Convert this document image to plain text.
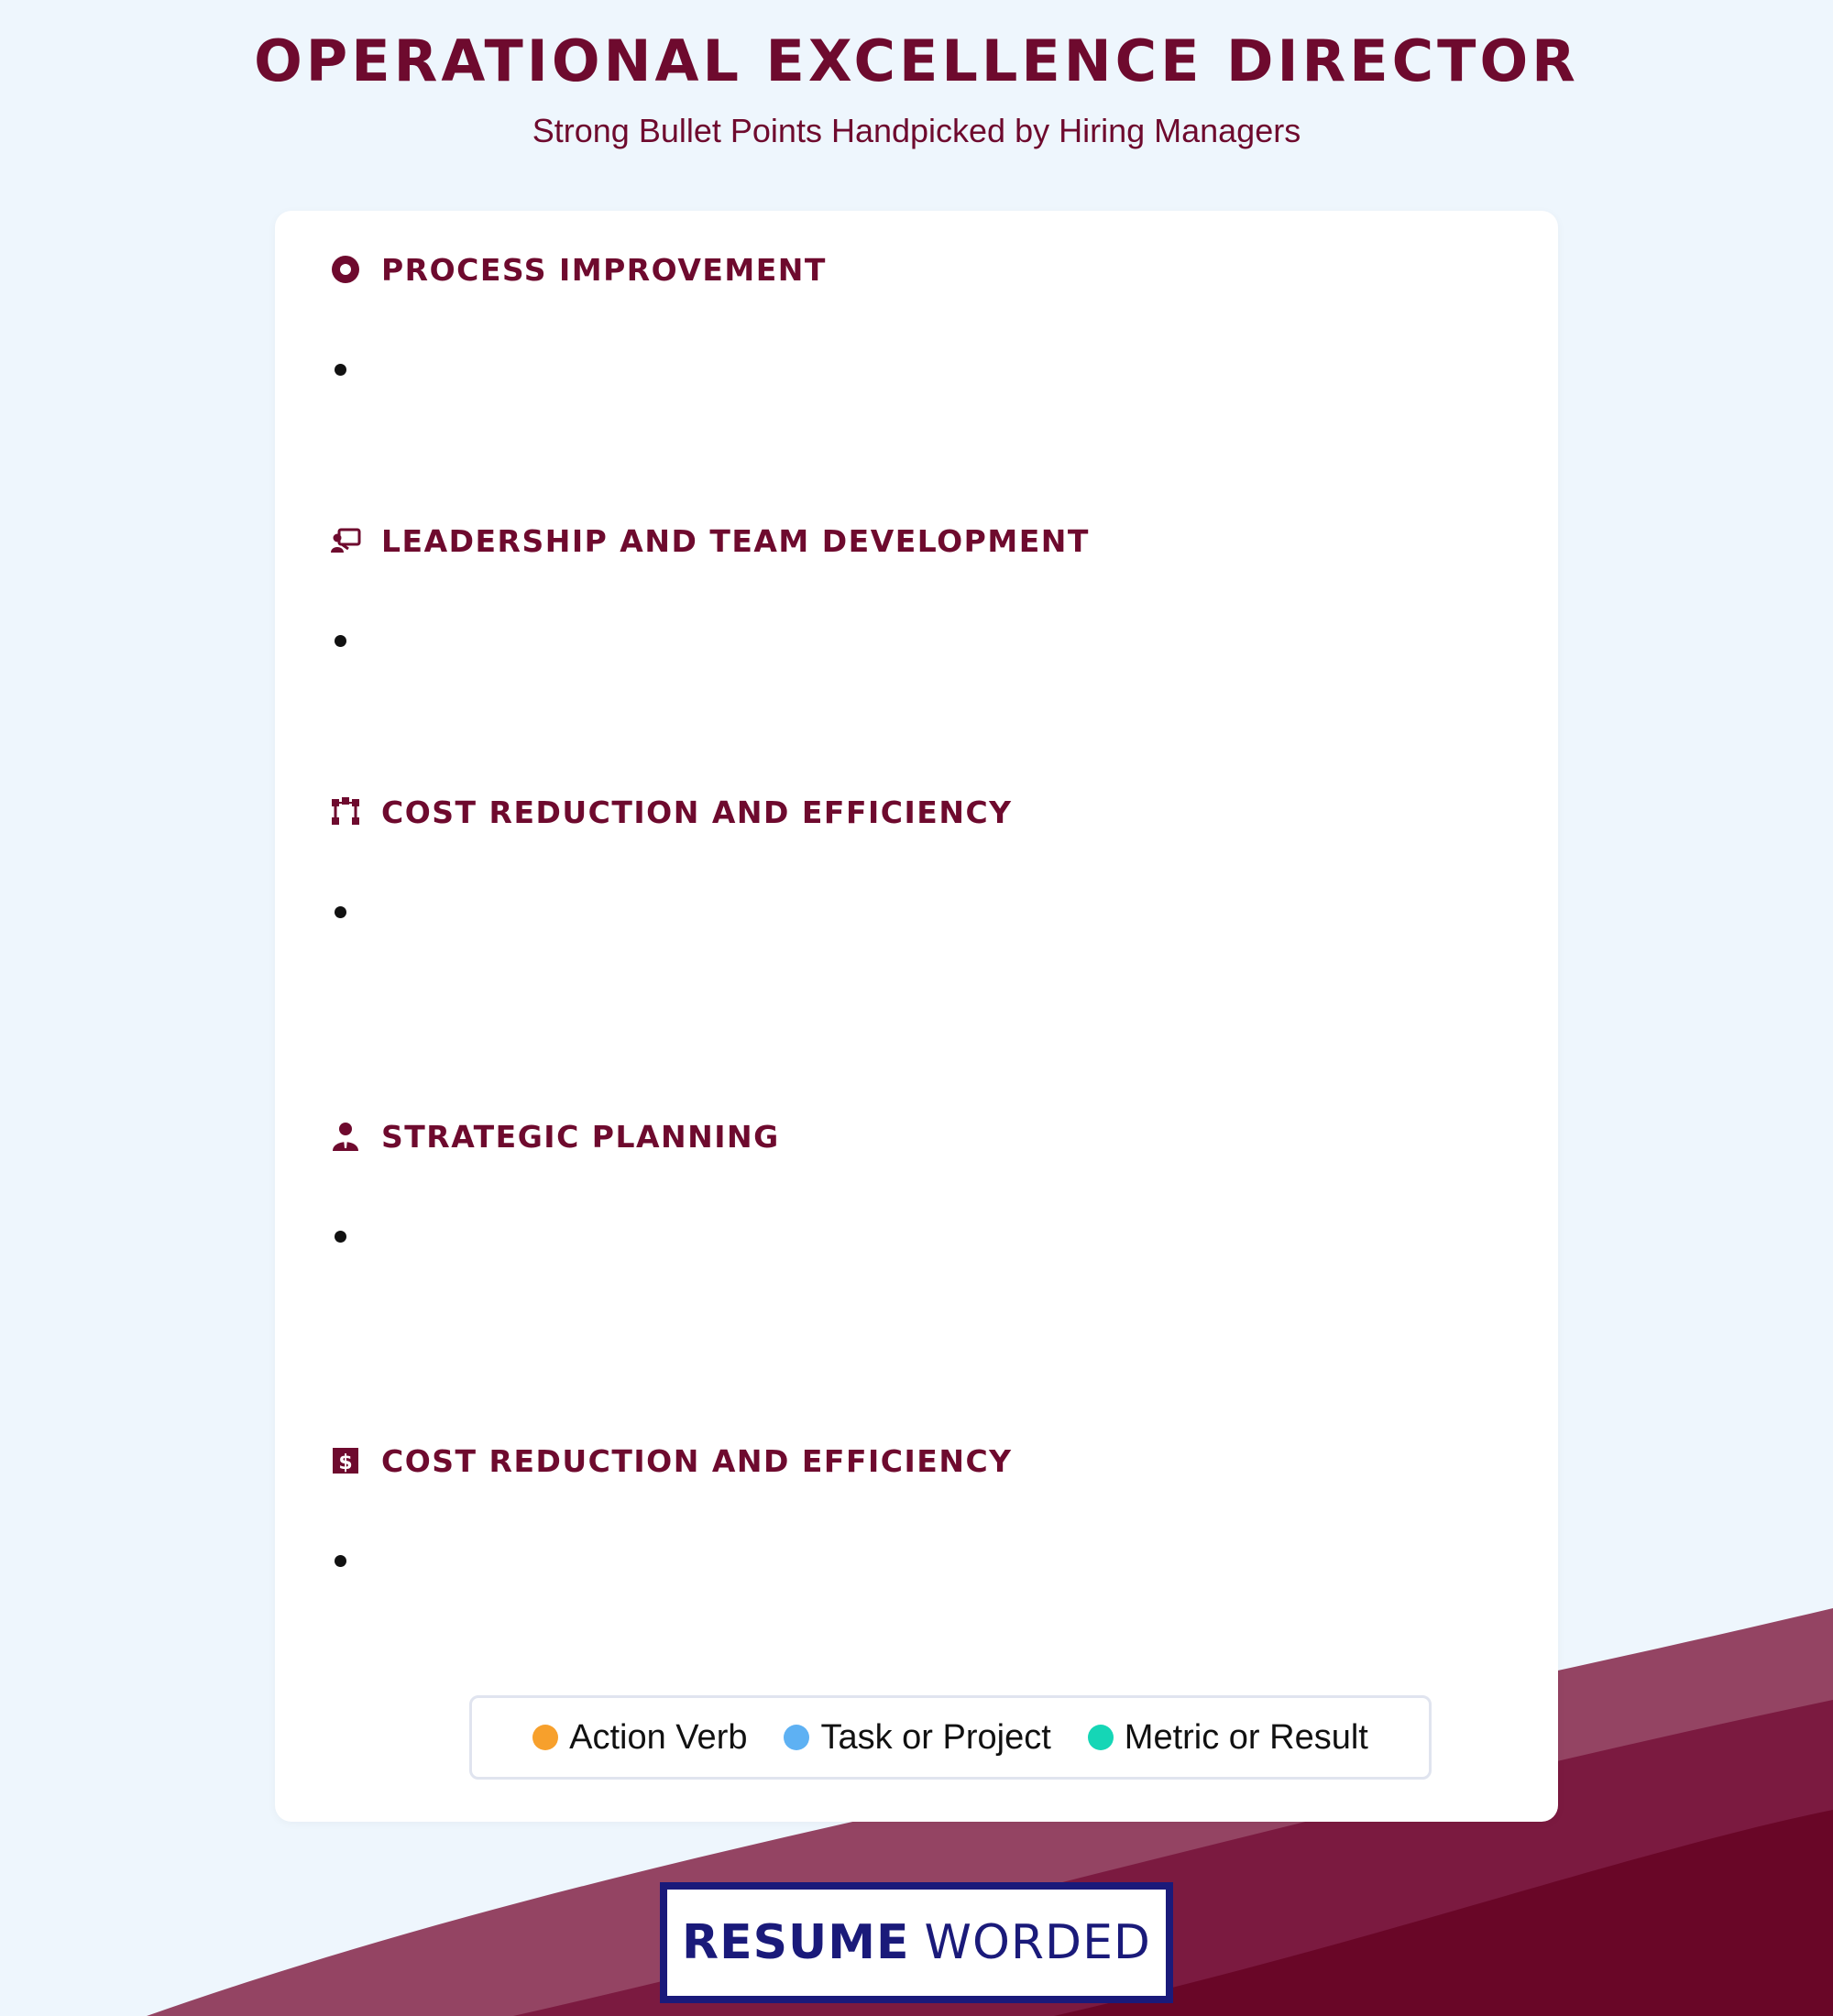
OPERATIONAL EXCELLENCE DIRECTOR

Strong Bullet Points Handpicked by Hiring Managers

PROCESS IMPROVEMENT
LEADERSHIP AND TEAM DEVELOPMENT
COST REDUCTION AND EFFICIENCY
STRATEGIC PLANNING
$ COST REDUCTION AND EFFICIENCY
Action Verb Task or Project Metric or Result
RESUME WORDED
